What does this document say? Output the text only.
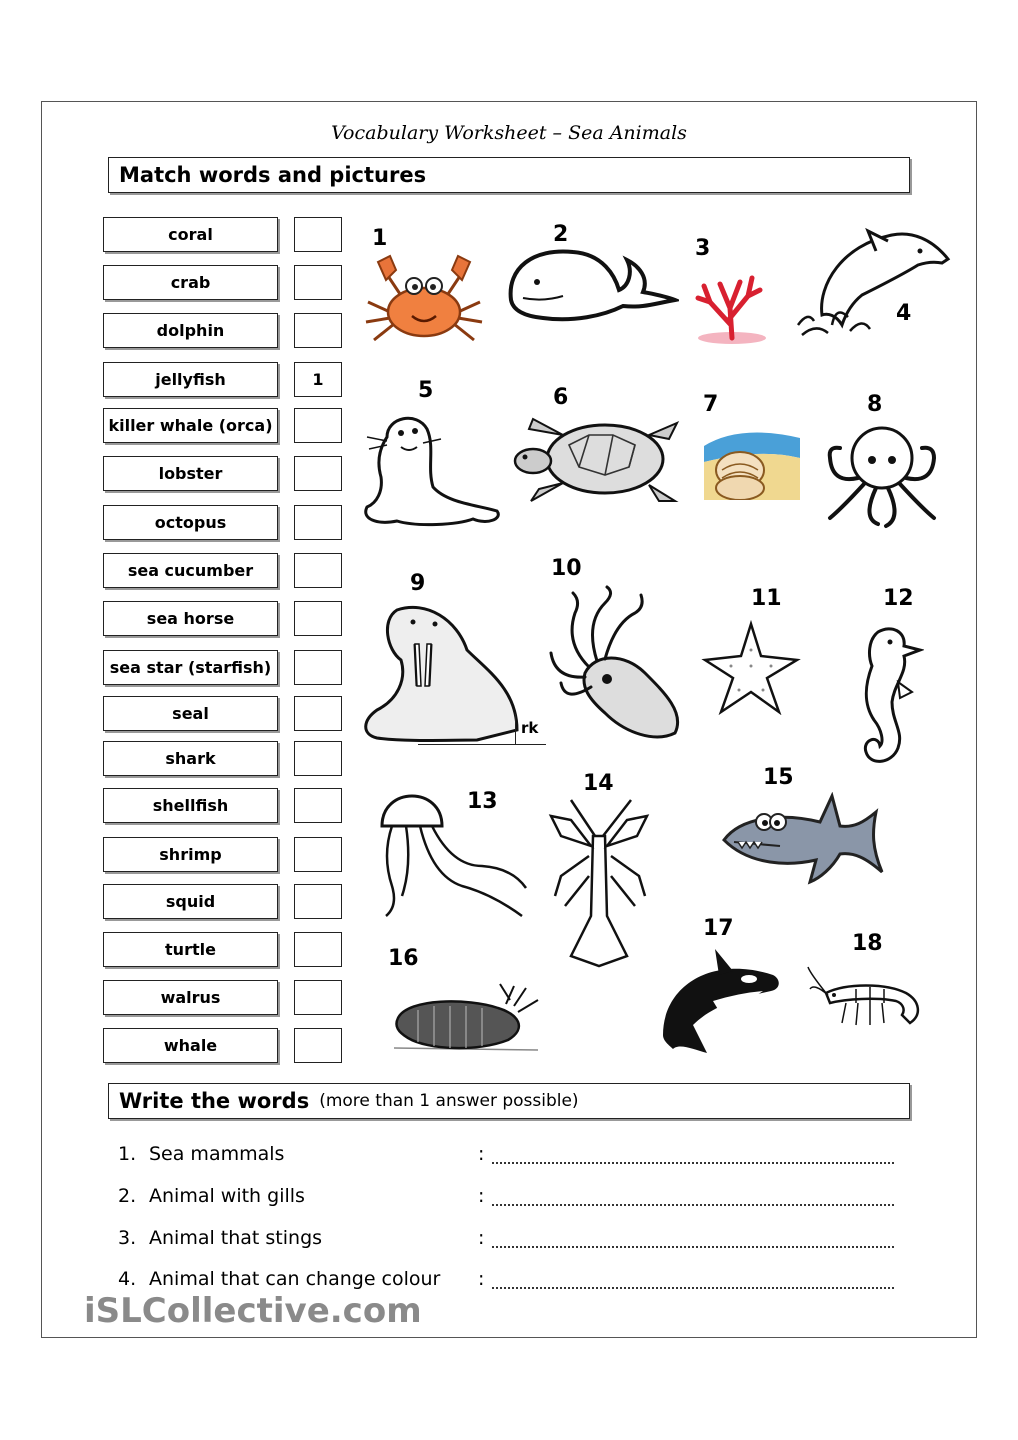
Vocabulary Worksheet – Sea Animals
Match words and pictures
coral
crab
dolphin
jellyfish	1
killer whale (orca)
lobster
octopus
sea cucumber
sea horse
sea star (starfish)
seal
shark
shellfish
shrimp
squid
turtle
walrus
whale
1	2
3
4
5	6	7	8
9
10
11	12
13
14	15
16
17
18
rk
Write the words (more than 1 answer possible)
1. Sea mammals	:
2. Animal with gills	:
3. Animal that stings	:
4. Animal that can change colour :
iSLCollective.com
